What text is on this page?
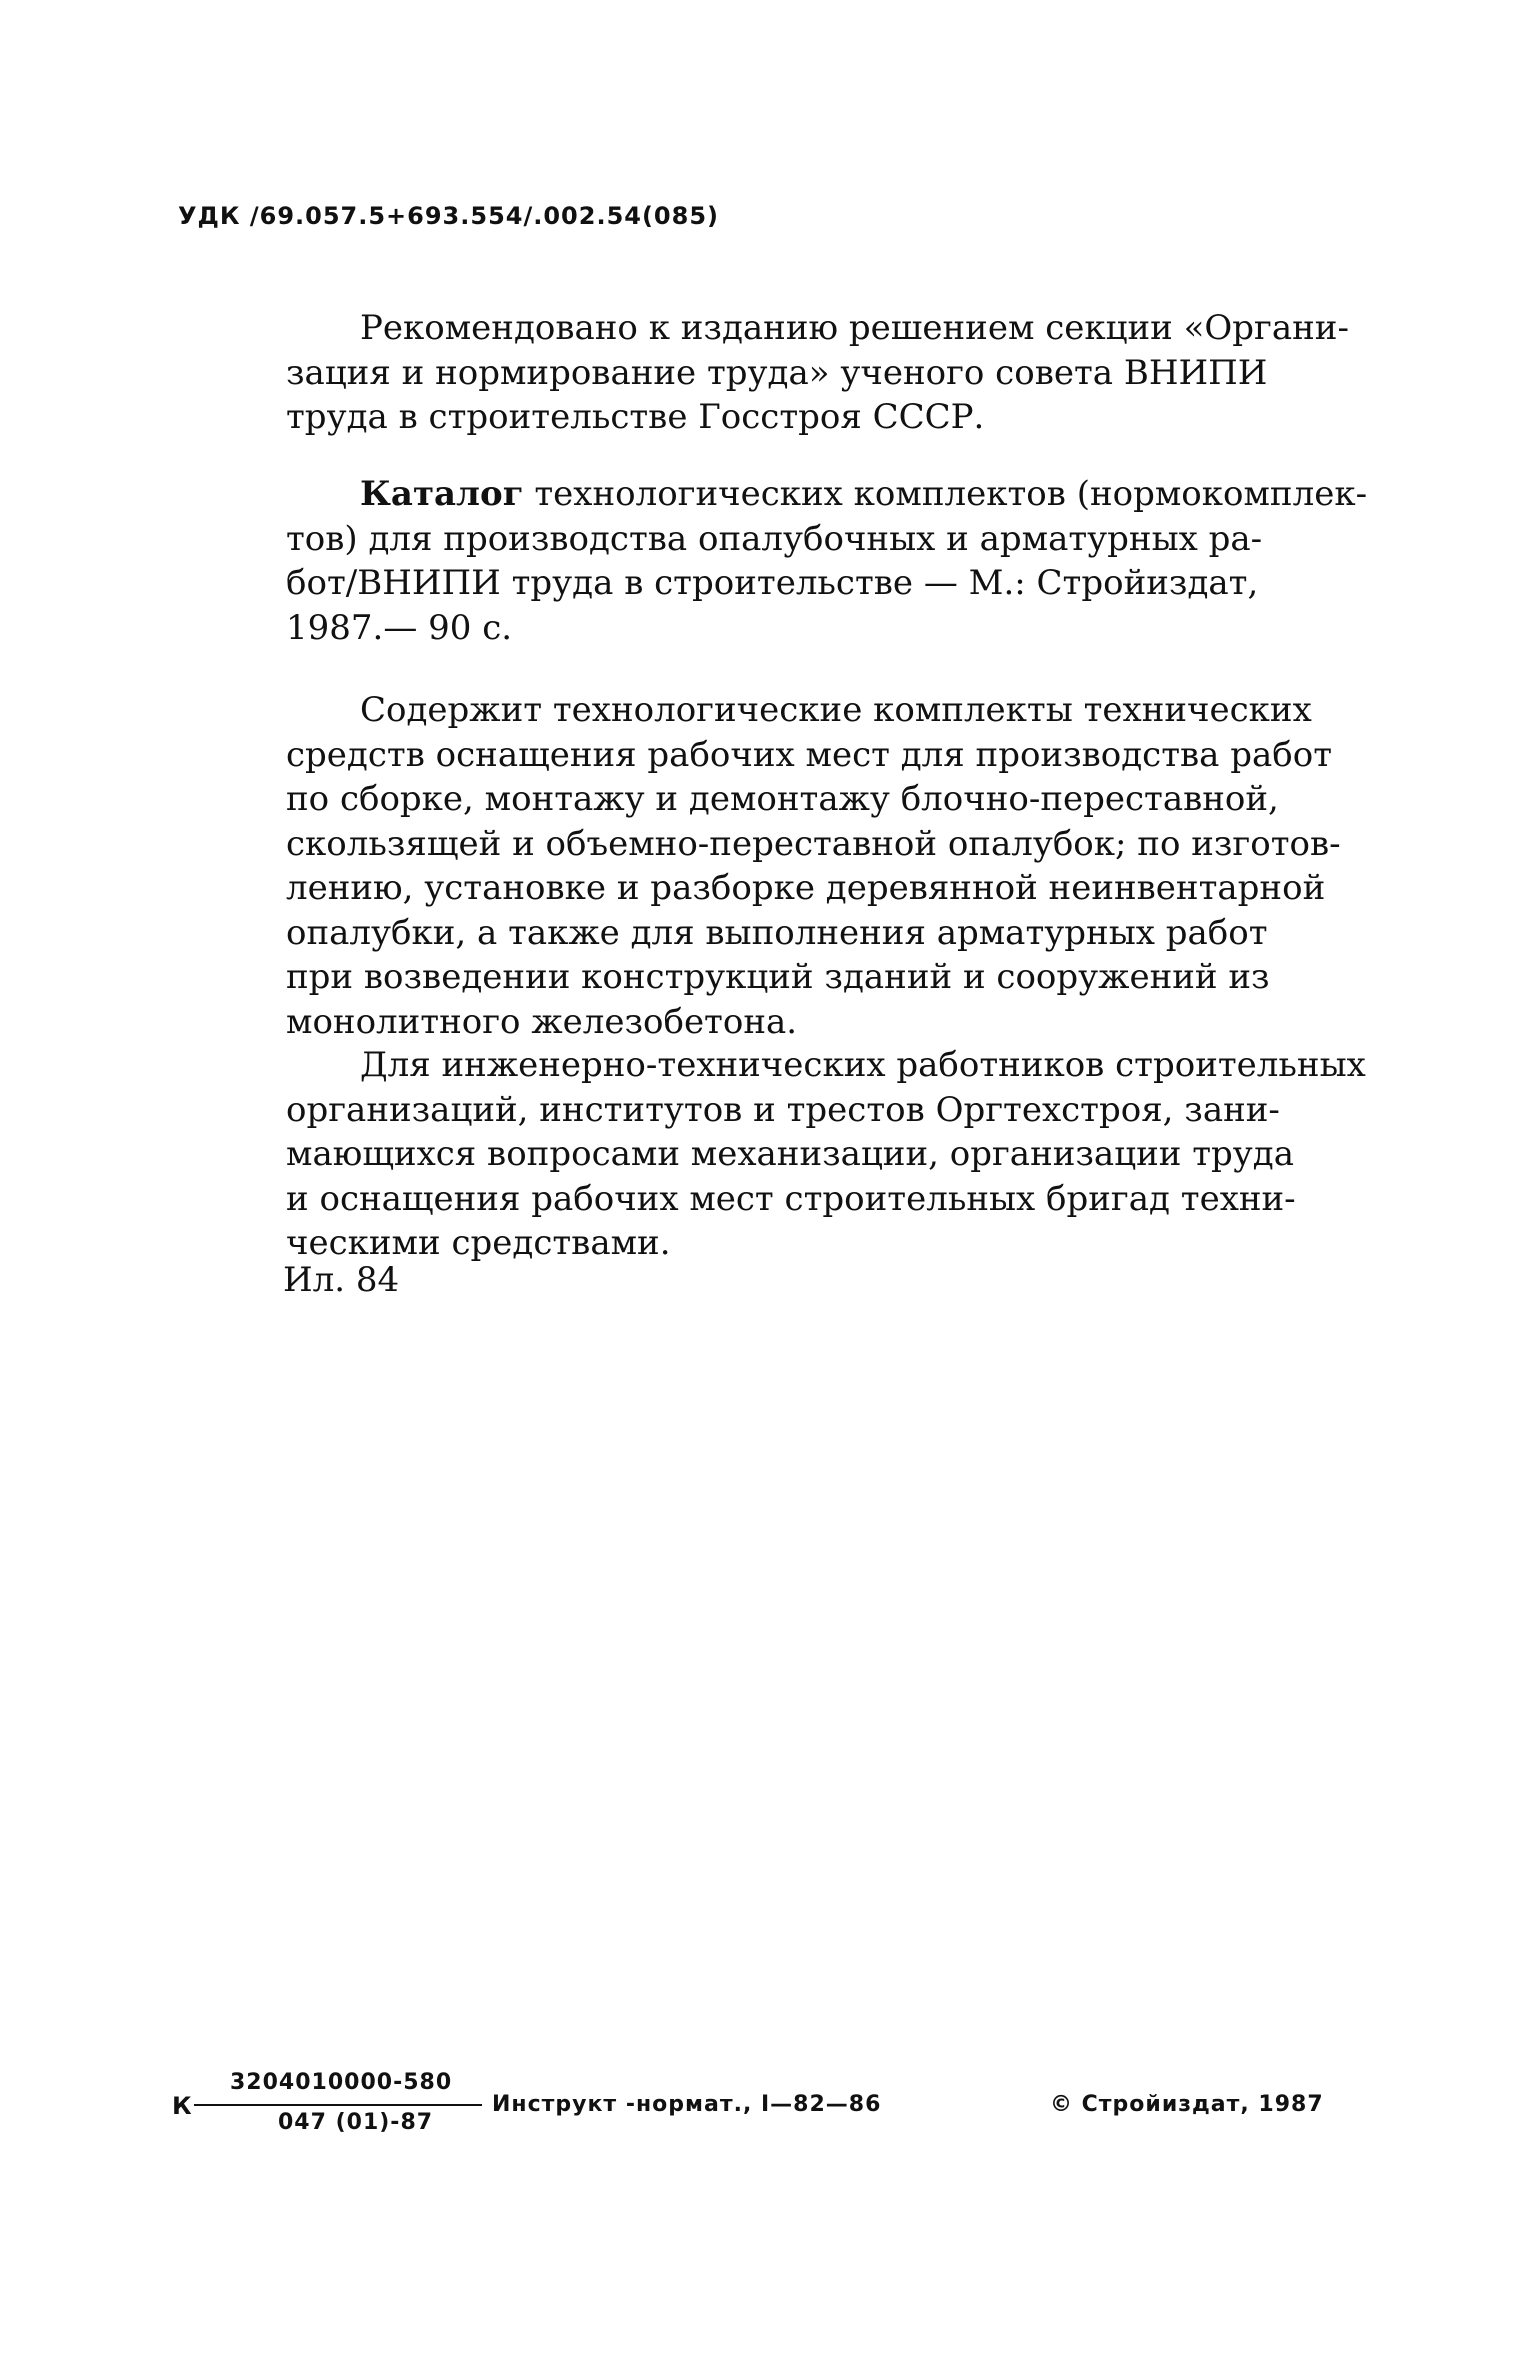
УДК /69.057.5+693.554/.002.54(085)
Рекомендовано к изданию решением секции «Органи-
зация и нормирование труда» ученого совета ВНИПИ
труда в строительстве Госстроя СССР.
Каталог технологических комплектов (нормокомплек-
тов) для производства опалубочных и арматурных ра-
бот/ВНИПИ труда в строительстве — М.: Стройиздат,
1987.— 90 с.
Содержит технологические комплекты технических
средств оснащения рабочих мест для производства работ
по сборке, монтажу и демонтажу блочно-переставной,
скользящей и объемно-переставной опалубок; по изготов-
лению, установке и разборке деревянной неинвентарной
опалубки, а также для выполнения арматурных работ
при возведении конструкций зданий и сооружений из
монолитного железобетона.
Для инженерно-технических работников строительных
организаций, институтов и трестов Оргтехстроя, зани-
мающихся вопросами механизации, организации труда
и оснащения рабочих мест строительных бригад техни-
ческими средствами.
Ил. 84
К
3204010000-580
047 (01)-87
Инструкт -нормат., I—82—86	© Стройиздат, 1987
